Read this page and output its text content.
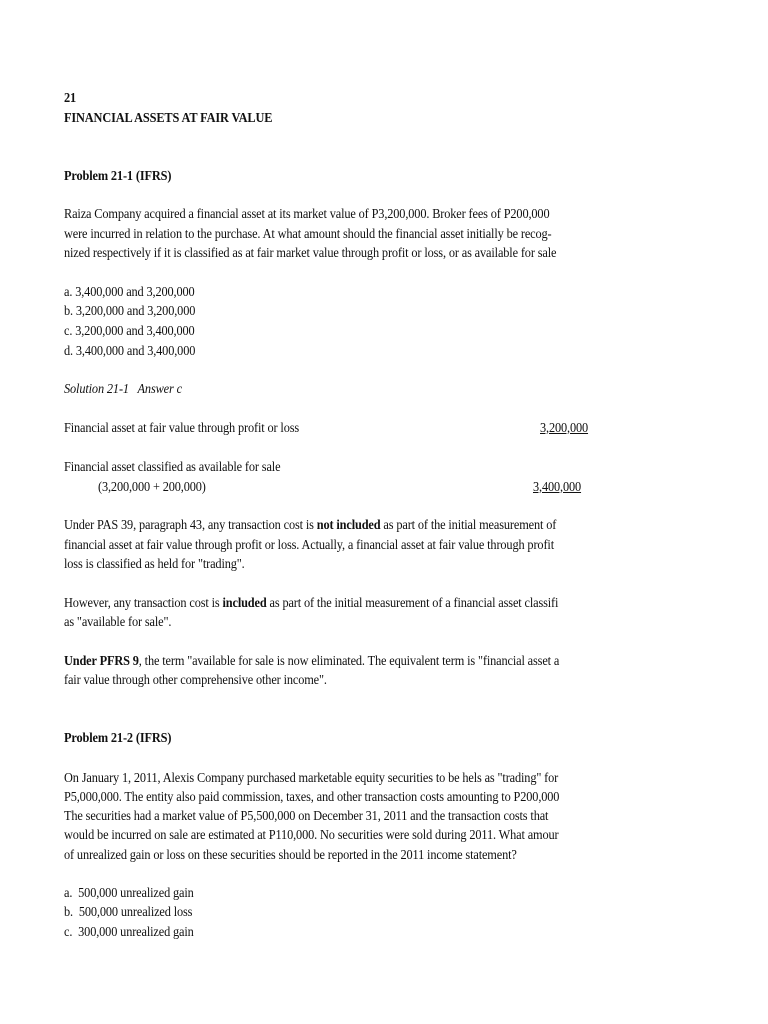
21
FINANCIAL ASSETS AT FAIR VALUE
Problem 21-1 (IFRS)
Raiza Company acquired a financial asset at its market value of P3,200,000. Broker fees of P200,000
were incurred in relation to the purchase. At what amount should the financial asset initially be recog-
nized respectively if it is classified as at fair market value through profit or loss, or as available for sale
a. 3,400,000 and 3,200,000
b. 3,200,000 and 3,200,000
c. 3,200,000 and 3,400,000
d. 3,400,000 and 3,400,000
Solution 21-1   Answer c
Financial asset at fair value through profit or loss	3,200,000
Financial asset classified as available for sale
(3,200,000 + 200,000)	3,400,000
Under PAS 39, paragraph 43, any transaction cost is not included as part of the initial measurement of
financial asset at fair value through profit or loss. Actually, a financial asset at fair value through profit
loss is classified as held for "trading".
However, any transaction cost is included as part of the initial measurement of a financial asset classifi
as "available for sale".
Under PFRS 9, the term "available for sale is now eliminated. The equivalent term is "financial asset a
fair value through other comprehensive other income".
Problem 21-2 (IFRS)
On January 1, 2011, Alexis Company purchased marketable equity securities to be hels as "trading" for
P5,000,000. The entity also paid commission, taxes, and other transaction costs amounting to P200,000
The securities had a market value of P5,500,000 on December 31, 2011 and the transaction costs that
would be incurred on sale are estimated at P110,000. No securities were sold during 2011. What amour
of unrealized gain or loss on these securities should be reported in the 2011 income statement?
a.  500,000 unrealized gain
b.  500,000 unrealized loss
c.  300,000 unrealized gain
